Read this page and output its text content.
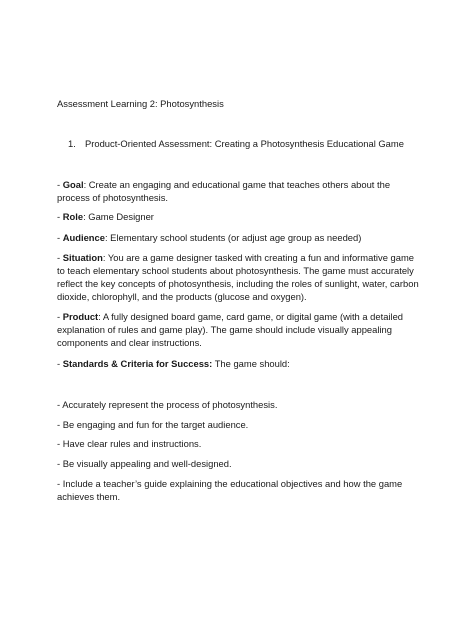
Assessment Learning 2: Photosynthesis
1. Product-Oriented Assessment: Creating a Photosynthesis Educational Game

- Goal: Create an engaging and educational game that teaches others about the process of photosynthesis.

- Role: Game Designer

- Audience: Elementary school students (or adjust age group as needed)

- Situation: You are a game designer tasked with creating a fun and informative game to teach elementary school students about photosynthesis. The game must accurately reflect the key concepts of photosynthesis, including the roles of sunlight, water, carbon dioxide, chlorophyll, and the products (glucose and oxygen).

- Product: A fully designed board game, card game, or digital game (with a detailed explanation of rules and game play). The game should include visually appealing components and clear instructions.

- Standards & Criteria for Success: The game should:

- Accurately represent the process of photosynthesis.

- Be engaging and fun for the target audience.

- Have clear rules and instructions.

- Be visually appealing and well-designed.

- Include a teacher’s guide explaining the educational objectives and how the game achieves them.
